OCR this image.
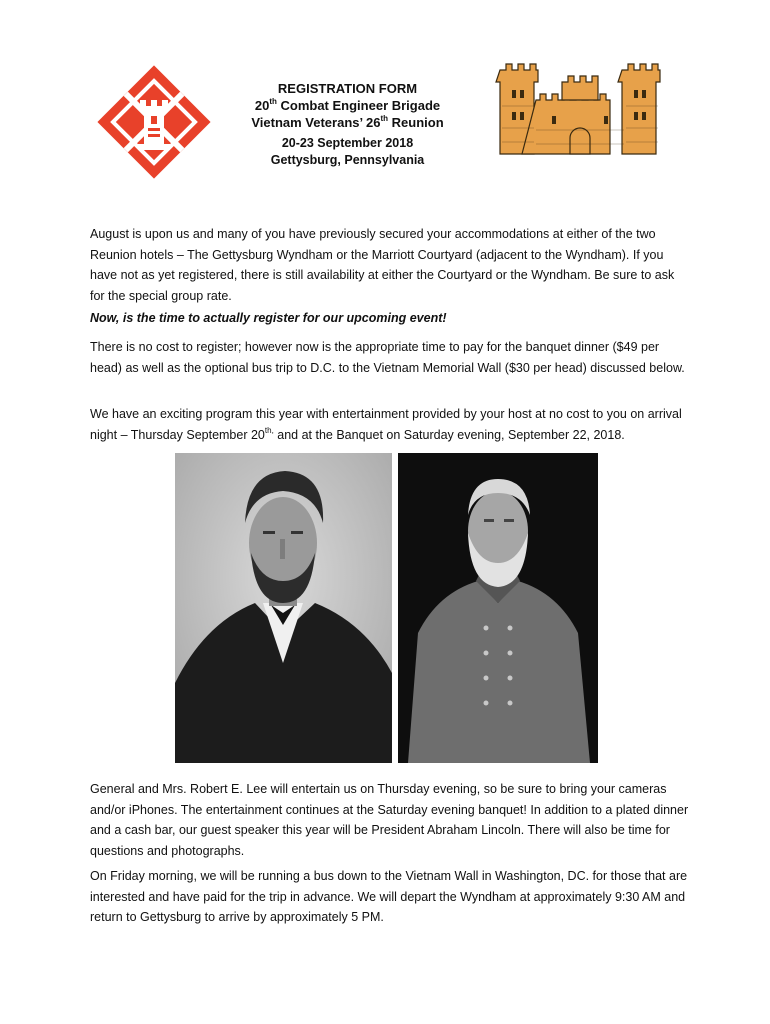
REGISTRATION FORM
20th Combat Engineer Brigade
Vietnam Veterans’ 26th Reunion
20-23 September 2018
Gettysburg, Pennsylvania

August is upon us and many of you have previously secured your accommodations at either of the two Reunion hotels – The Gettysburg Wyndham or the Marriott Courtyard (adjacent to the Wyndham). If you have not as yet registered, there is still availability at either the Courtyard or the Wyndham. Be sure to ask for the special group rate.

Now, is the time to actually register for our upcoming event!

There is no cost to register; however now is the appropriate time to pay for the banquet dinner ($49 per head) as well as the optional bus trip to D.C. to the Vietnam Memorial Wall ($30 per head) discussed below.

We have an exciting program this year with entertainment provided by your host at no cost to you on arrival night – Thursday September $20^{th,}$ and at the Banquet on Saturday evening, September 22, 2018.

General and Mrs. Robert E. Lee will entertain us on Thursday evening, so be sure to bring your cameras and/or iPhones. The entertainment continues at the Saturday evening banquet! In addition to a plated dinner and a cash bar, our guest speaker this year will be President Abraham Lincoln. There will also be time for questions and photographs.

On Friday morning, we will be running a bus down to the Vietnam Wall in Washington, DC. for those that are interested and have paid for the trip in advance. We will depart the Wyndham at approximately 9:30 AM and return to Gettysburg to arrive by approximately 5 PM.
